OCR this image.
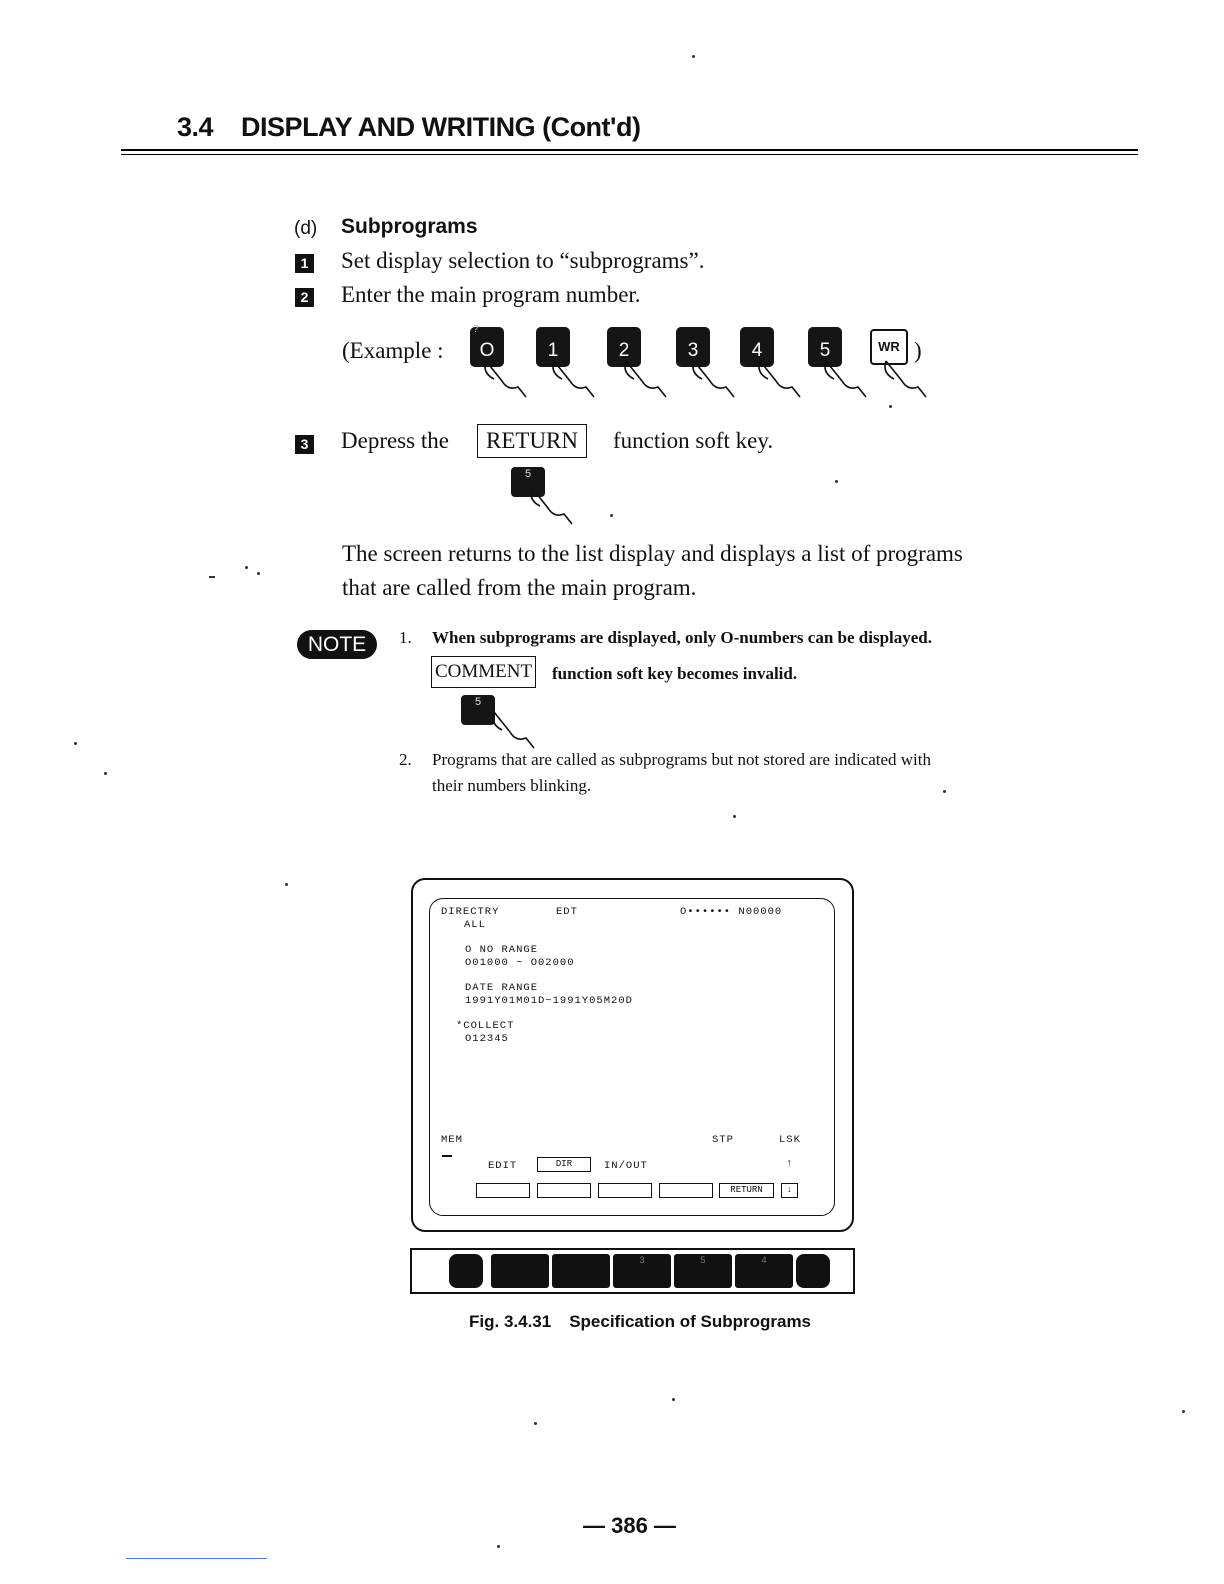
3.4 DISPLAY AND WRITING (Cont'd)
(d) Subprograms
1 Set display selection to “subprograms”.
2 Enter the main program number.
(Example :
?
O	1	2	3	4	5	WR )
3 Depress the	RETURN	function soft key.
5
The screen returns to the list display and displays a list of programs
that are called from the main program.
NOTE	1. When subprograms are displayed, only O-numbers can be displayed.
COMMENT function soft key becomes invalid.
5
2. Programs that are called as subprograms but not stored are indicated with
their numbers blinking.
DIRECTRY	EDT	O•••••• N00000
ALL
O NO RANGE
O01000 ~ O02000
DATE RANGE
1991Y01M01D~1991Y05M20D
*COLLECT
O12345
MEM	STP	LSK
EDIT	DIR	IN/OUT	↑
RETURN	↓
3	5	4
Fig. 3.4.31 Specification of Subprograms
— 386 —
